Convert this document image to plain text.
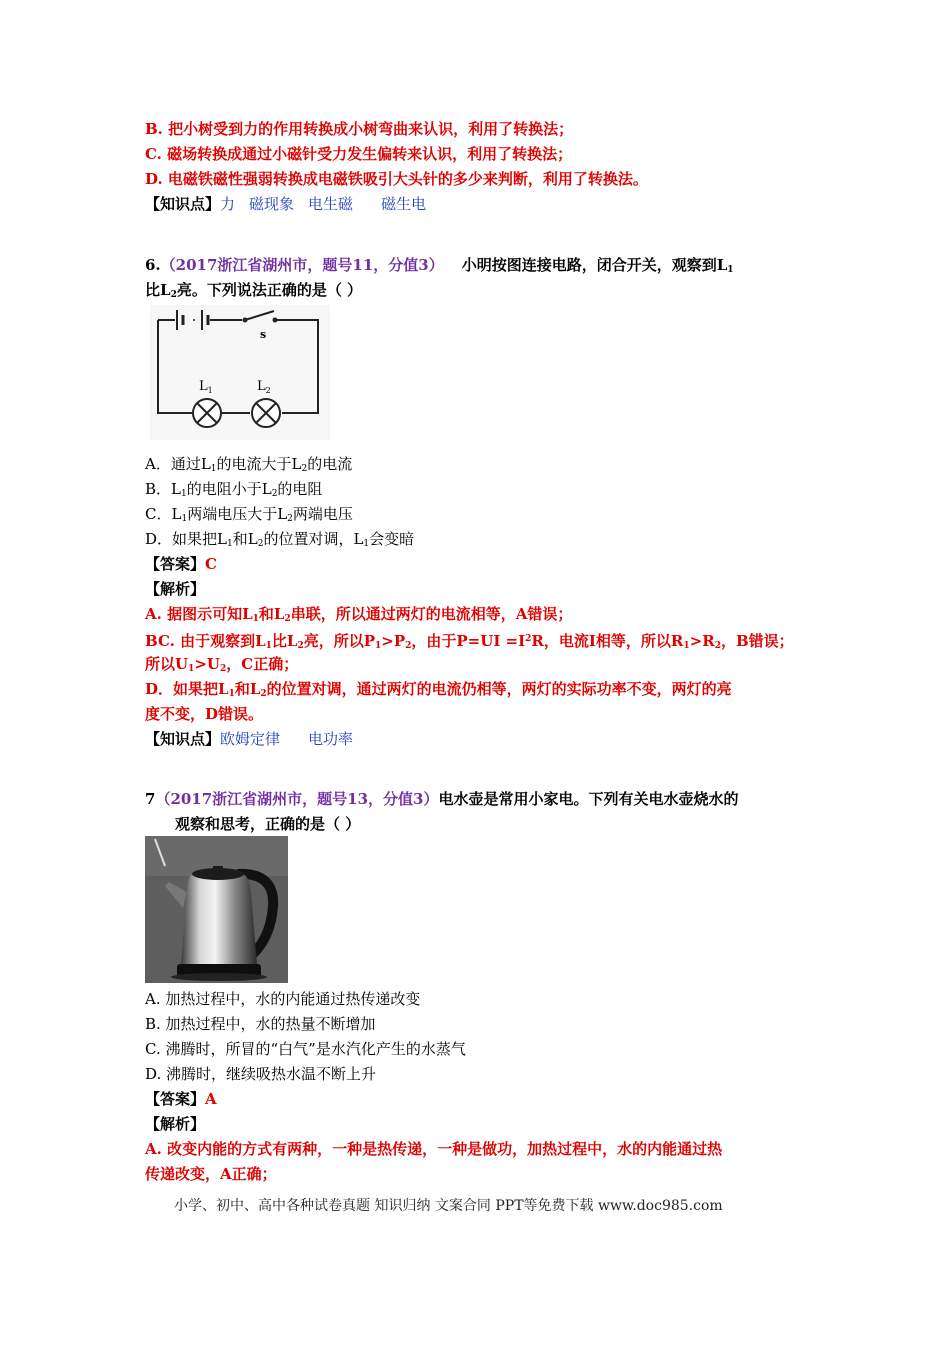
B. 把小树受到力的作用转换成小树弯曲来认识，利用了转换法；
C. 磁场转换成通过小磁针受力发生偏转来认识，利用了转换法；
D. 电磁铁磁性强弱转换成电磁铁吸引大头针的多少来判断，利用了转换法。
【知识点】力 磁现象 电生磁 磁生电
6.（2017浙江省湖州市，题号11，分值3） 小明按图连接电路，闭合开关，观察到$L_1$
比$L_2$亮。下列说法正确的是（ ）
s
$L_1$	$L_2$
A．通过$L_1$的电流大于$L_2$的电流
B．$L_1$的电阻小于$L_2$的电阻
C．$L_1$两端电压大于$L_2$两端电压
D．如果把$L_1$和$L_2$的位置对调，$L_1$会变暗
【答案】C
【解析】
A. 据图示可知$L_1$和$L_2$串联，所以通过两灯的电流相等，A错误；
BC. 由于观察到$L_1$比$L_2$亮，所以$P_1>P_2$，由于$P=UI =I^2R$，电流I相等，所以$R_1>R_2$，B错误；
所以$U_1>U_2$，C正确；
D．如果把$L_1$和$L_2$的位置对调，通过两灯的电流仍相等，两灯的实际功率不变，两灯的亮
度不变，D错误。
【知识点】欧姆定律 电功率
7（2017浙江省湖州市，题号13，分值3）电水壶是常用小家电。下列有关电水壶烧水的
观察和思考，正确的是（ ）
A. 加热过程中，水的内能通过热传递改变
B. 加热过程中，水的热量不断增加
C. 沸腾时，所冒的“白气”是水汽化产生的水蒸气
D. 沸腾时，继续吸热水温不断上升
【答案】A
【解析】
A. 改变内能的方式有两种，一种是热传递，一种是做功，加热过程中，水的内能通过热
传递改变，A正确；
小学、初中、高中各种试卷真题 知识归纳 文案合同 PPT等免费下载 www.doc985.com
